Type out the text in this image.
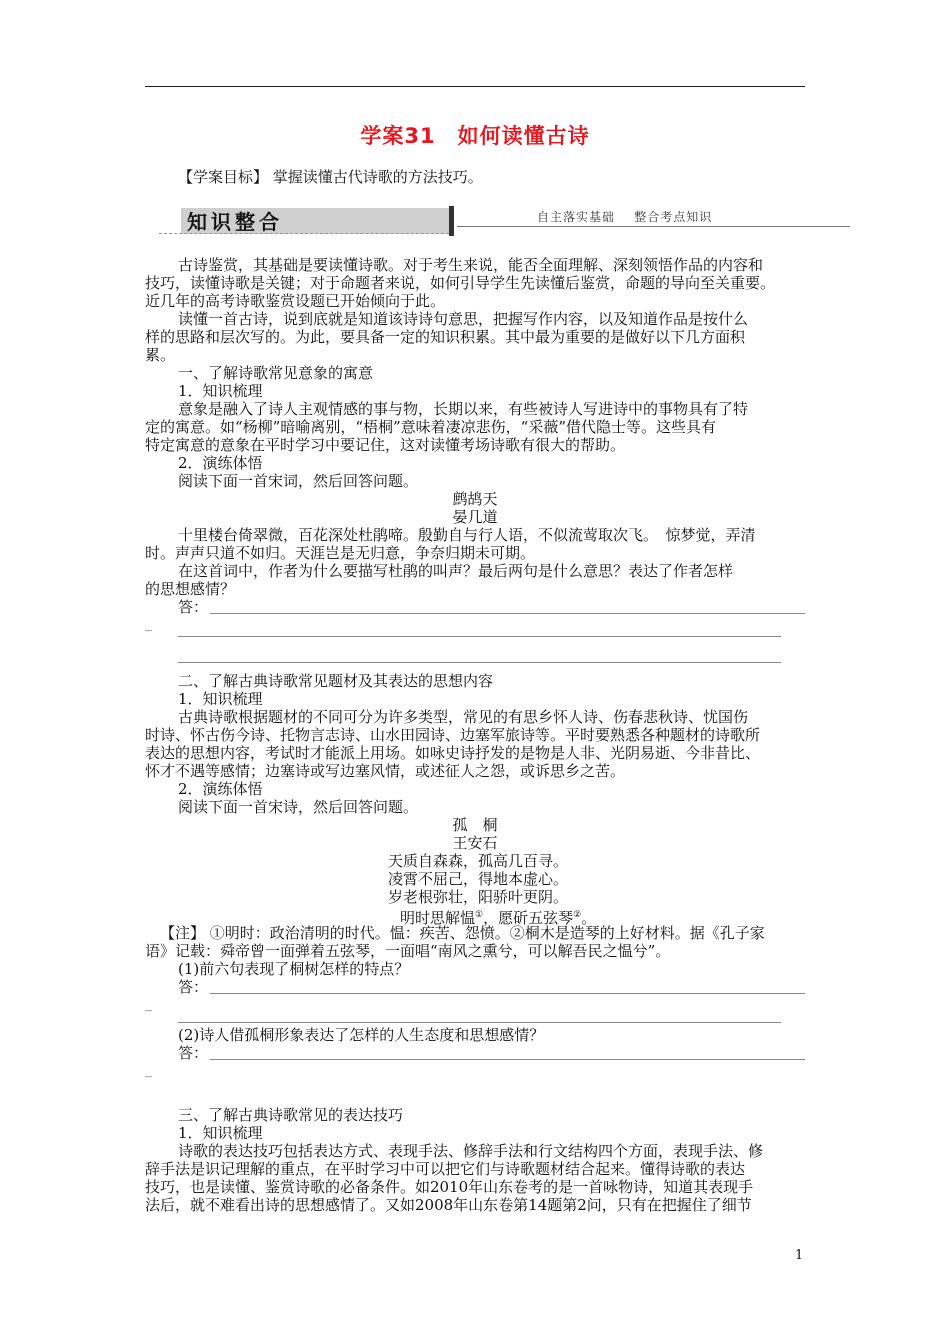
学案31　如何读懂古诗
【学案目标】 掌握读懂古代诗歌的方法技巧。
知识整合	自主落实基础    整合考点知识
古诗鉴赏，其基础是要读懂诗歌。对于考生来说，能否全面理解、深刻领悟作品的内容和
技巧，读懂诗歌是关键；对于命题者来说，如何引导学生先读懂后鉴赏，命题的导向至关重要。
近几年的高考诗歌鉴赏设题已开始倾向于此。
读懂一首古诗，说到底就是知道该诗诗句意思，把握写作内容，以及知道作品是按什么
样的思路和层次写的。为此，要具备一定的知识积累。其中最为重要的是做好以下几方面积
累。
一、了解诗歌常见意象的寓意
1．知识梳理
意象是融入了诗人主观情感的事与物，长期以来，有些被诗人写进诗中的事物具有了特
定的寓意。如“杨柳”暗喻离别，“梧桐”意味着凄凉悲伤，“采薇”借代隐士等。这些具有
特定寓意的意象在平时学习中要记住，这对读懂考场诗歌有很大的帮助。
2．演练体悟
阅读下面一首宋词，然后回答问题。
鹧鸪天
晏几道
十里楼台倚翠微，百花深处杜鹃啼。殷勤自与行人语，不似流莺取次飞。　惊梦觉，弄清
时。声声只道不如归。天涯岂是无归意，争奈归期未可期。
在这首词中，作者为什么要描写杜鹃的叫声？最后两句是什么意思？表达了作者怎样
的思想感情？
答：
_
二、了解古典诗歌常见题材及其表达的思想内容
1．知识梳理
古典诗歌根据题材的不同可分为许多类型，常见的有思乡怀人诗、伤春悲秋诗、忧国伤
时诗、怀古伤今诗、托物言志诗、山水田园诗、边塞军旅诗等。平时要熟悉各种题材的诗歌所
表达的思想内容，考试时才能派上用场。如咏史诗抒发的是物是人非、光阴易逝、今非昔比、
怀才不遇等感情；边塞诗或写边塞风情，或述征人之怨，或诉思乡之苦。
2．演练体悟
阅读下面一首宋诗，然后回答问题。
孤　桐
王安石
天质自森森，孤高几百寻。
凌霄不屈己，得地本虚心。
岁老根弥壮，阳骄叶更阴。
明时思解愠①，愿斫五弦琴②。
【注】 ①明时：政治清明的时代。愠：疾苦、怨愤。②桐木是造琴的上好材料。据《孔子家
语》记载：舜帝曾一面弹着五弦琴，一面唱“南风之熏兮，可以解吾民之愠兮”。
(1)前六句表现了桐树怎样的特点？
答：
_
(2)诗人借孤桐形象表达了怎样的人生态度和思想感情？
答：
_
三、了解古典诗歌常见的表达技巧
1．知识梳理
诗歌的表达技巧包括表达方式、表现手法、修辞手法和行文结构四个方面，表现手法、修
辞手法是识记理解的重点，在平时学习中可以把它们与诗歌题材结合起来。懂得诗歌的表达
技巧，也是读懂、鉴赏诗歌的必备条件。如2010年山东卷考的是一首咏物诗，知道其表现手
法后，就不难看出诗的思想感情了。又如2008年山东卷第14题第2问，只有在把握住了细节
1
